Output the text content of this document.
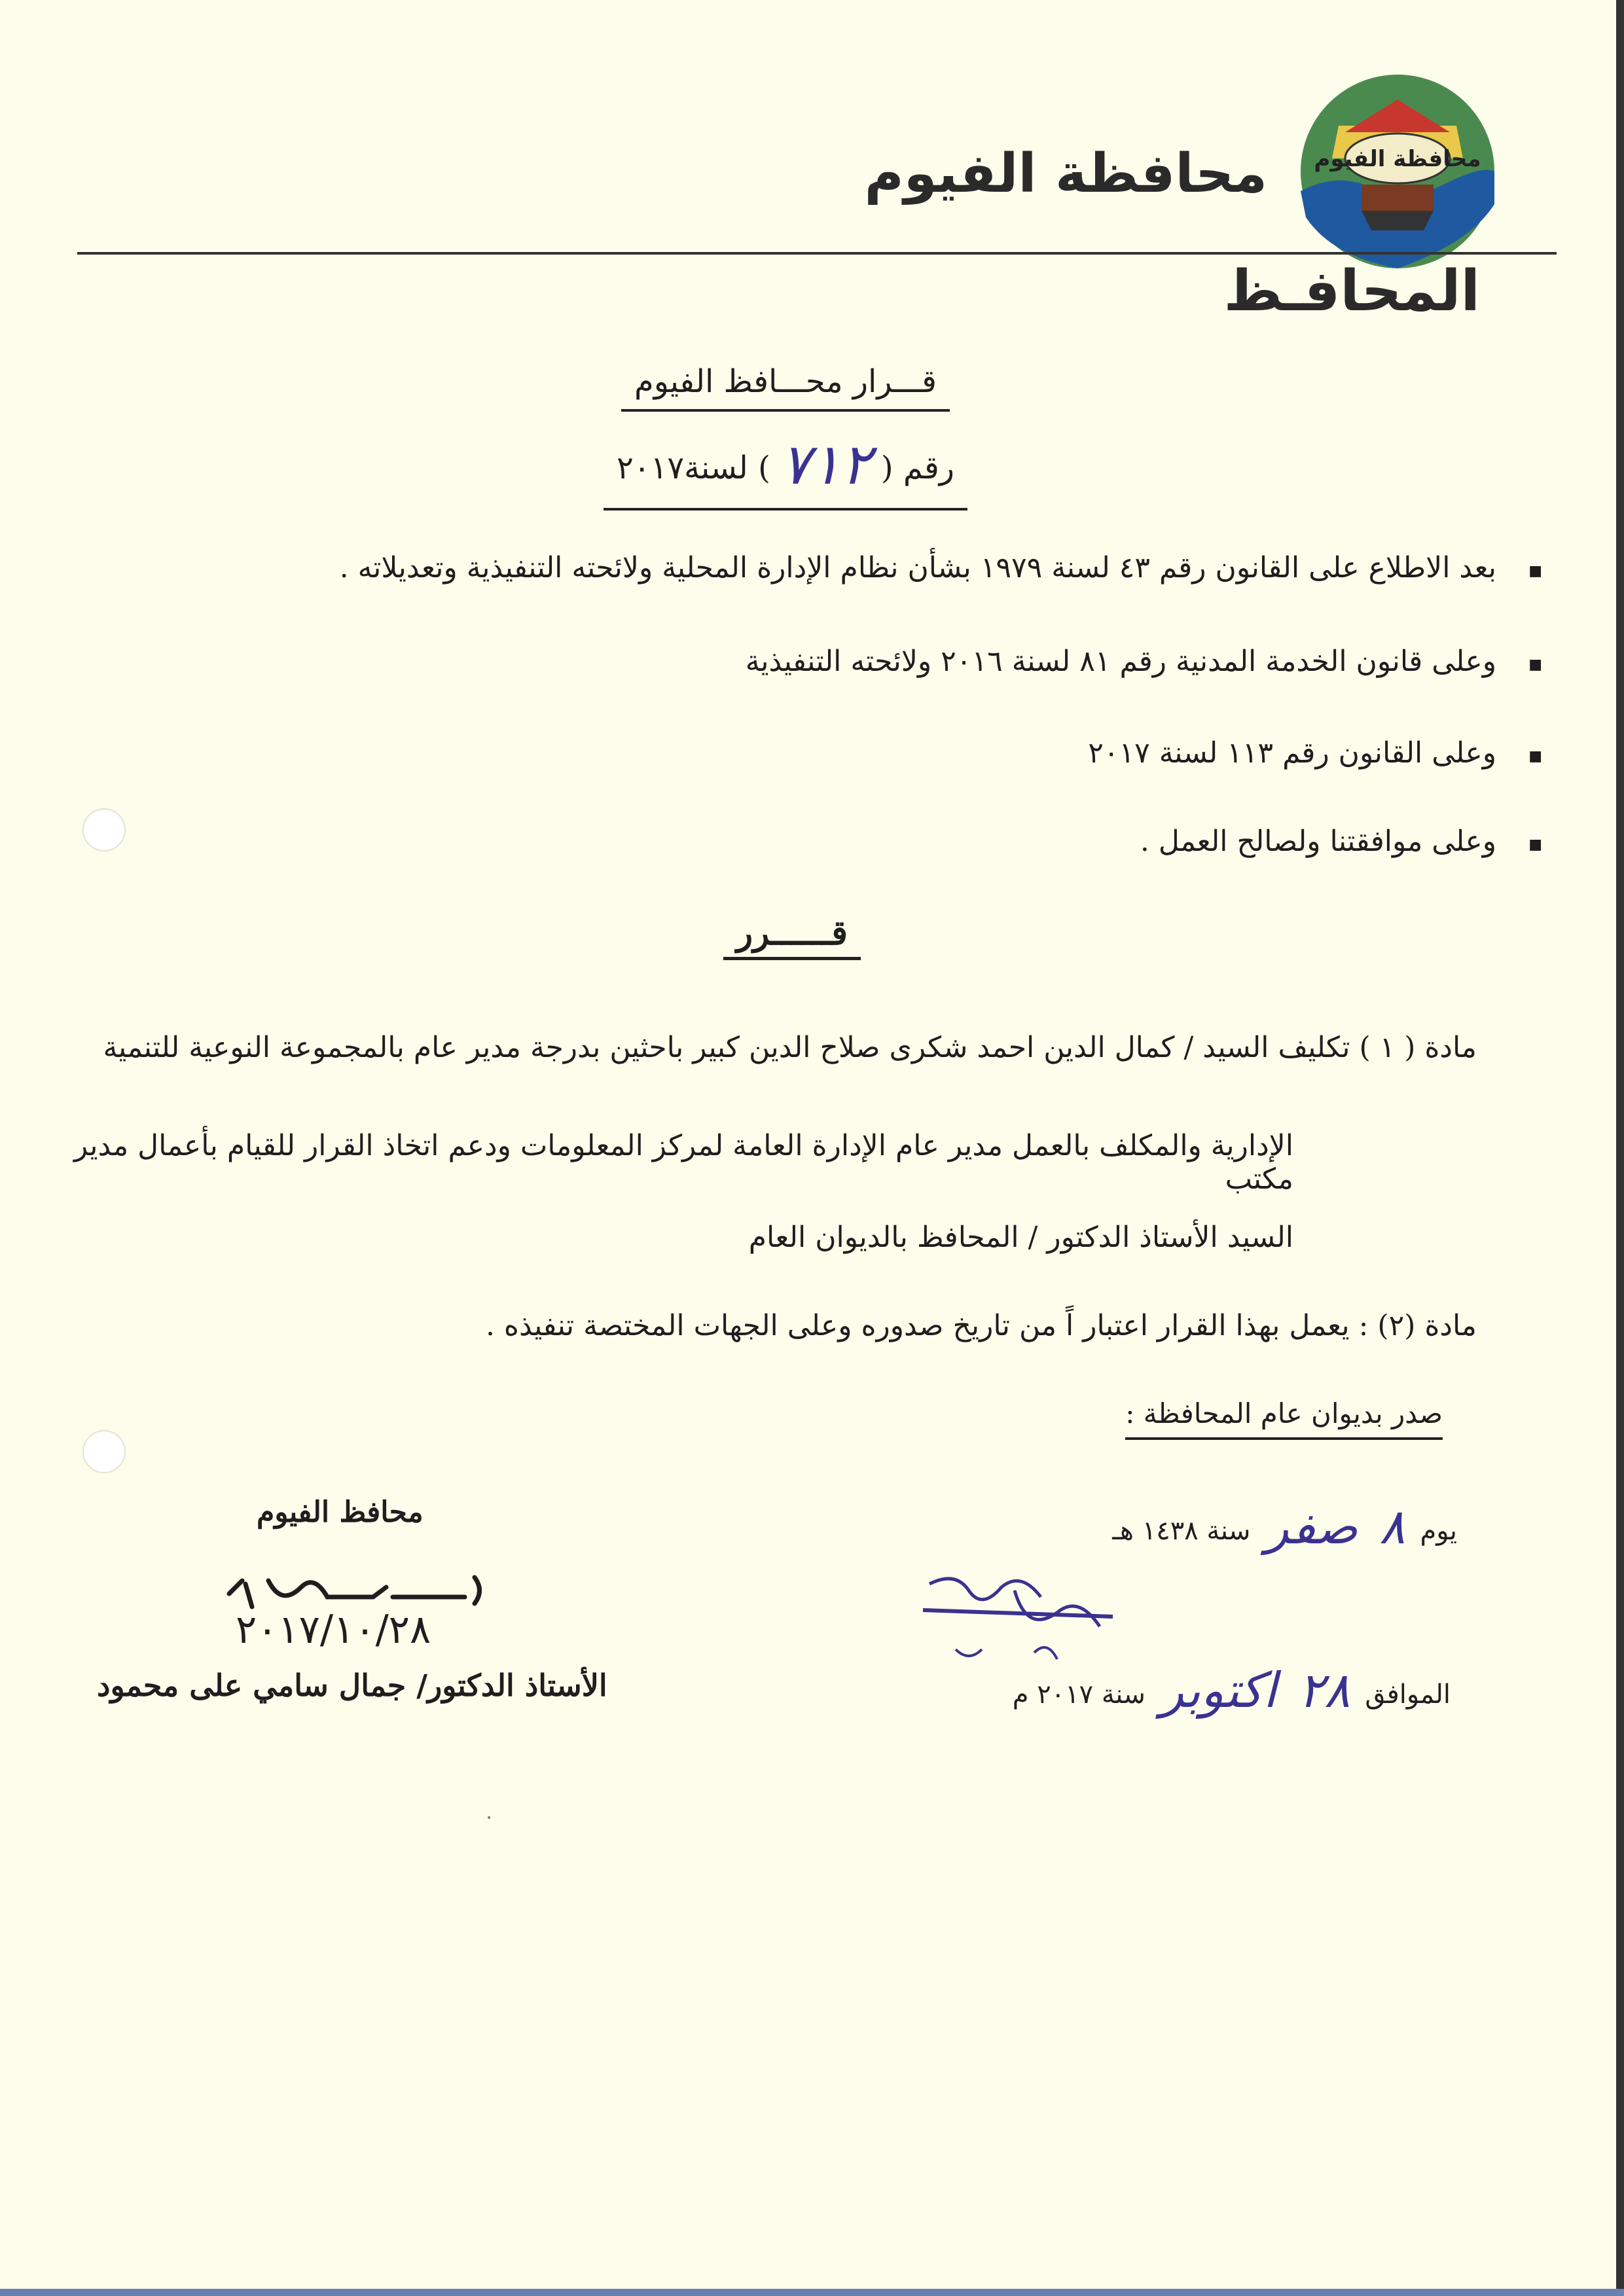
محافظة الفيوم
محافظة الفيوم
المحافـظ
قـــرار محـــافظ الفيوم
رقم ( ٧١٢ ) لسنة٢٠١٧
■ بعد الاطلاع على القانون رقم ٤٣ لسنة ١٩٧٩ بشأن نظام الإدارة المحلية ولائحته التنفيذية وتعديلاته .
■ وعلى قانون الخدمة المدنية رقم ٨١ لسنة ٢٠١٦ ولائحته التنفيذية
■ وعلى القانون رقم ١١٣ لسنة ٢٠١٧
■ وعلى موافقتنا ولصالح العمل .
قــــــرر
مادة ( ١ ) تكليف السيد / كمال الدين احمد شكرى صلاح الدين كبير باحثين بدرجة مدير عام بالمجموعة النوعية للتنمية
الإدارية والمكلف بالعمل مدير عام الإدارة العامة لمركز المعلومات ودعم اتخاذ القرار للقيام بأعمال مدير مكتب
السيد الأستاذ الدكتور / المحافظ بالديوان العام
مادة (٢) : يعمل بهذا القرار اعتبار اً من تاريخ صدوره وعلى الجهات المختصة تنفيذه .
صدر بديوان عام المحافظة :
يوم ٨ صفر سنة ١٤٣٨ هـ
الموافق ٢٨ اكتوبر سنة ٢٠١٧ م
محافظ الفيوم
٢٠١٧/١٠/٢٨
الأستاذ الدكتور/ جمال سامي على محمود
